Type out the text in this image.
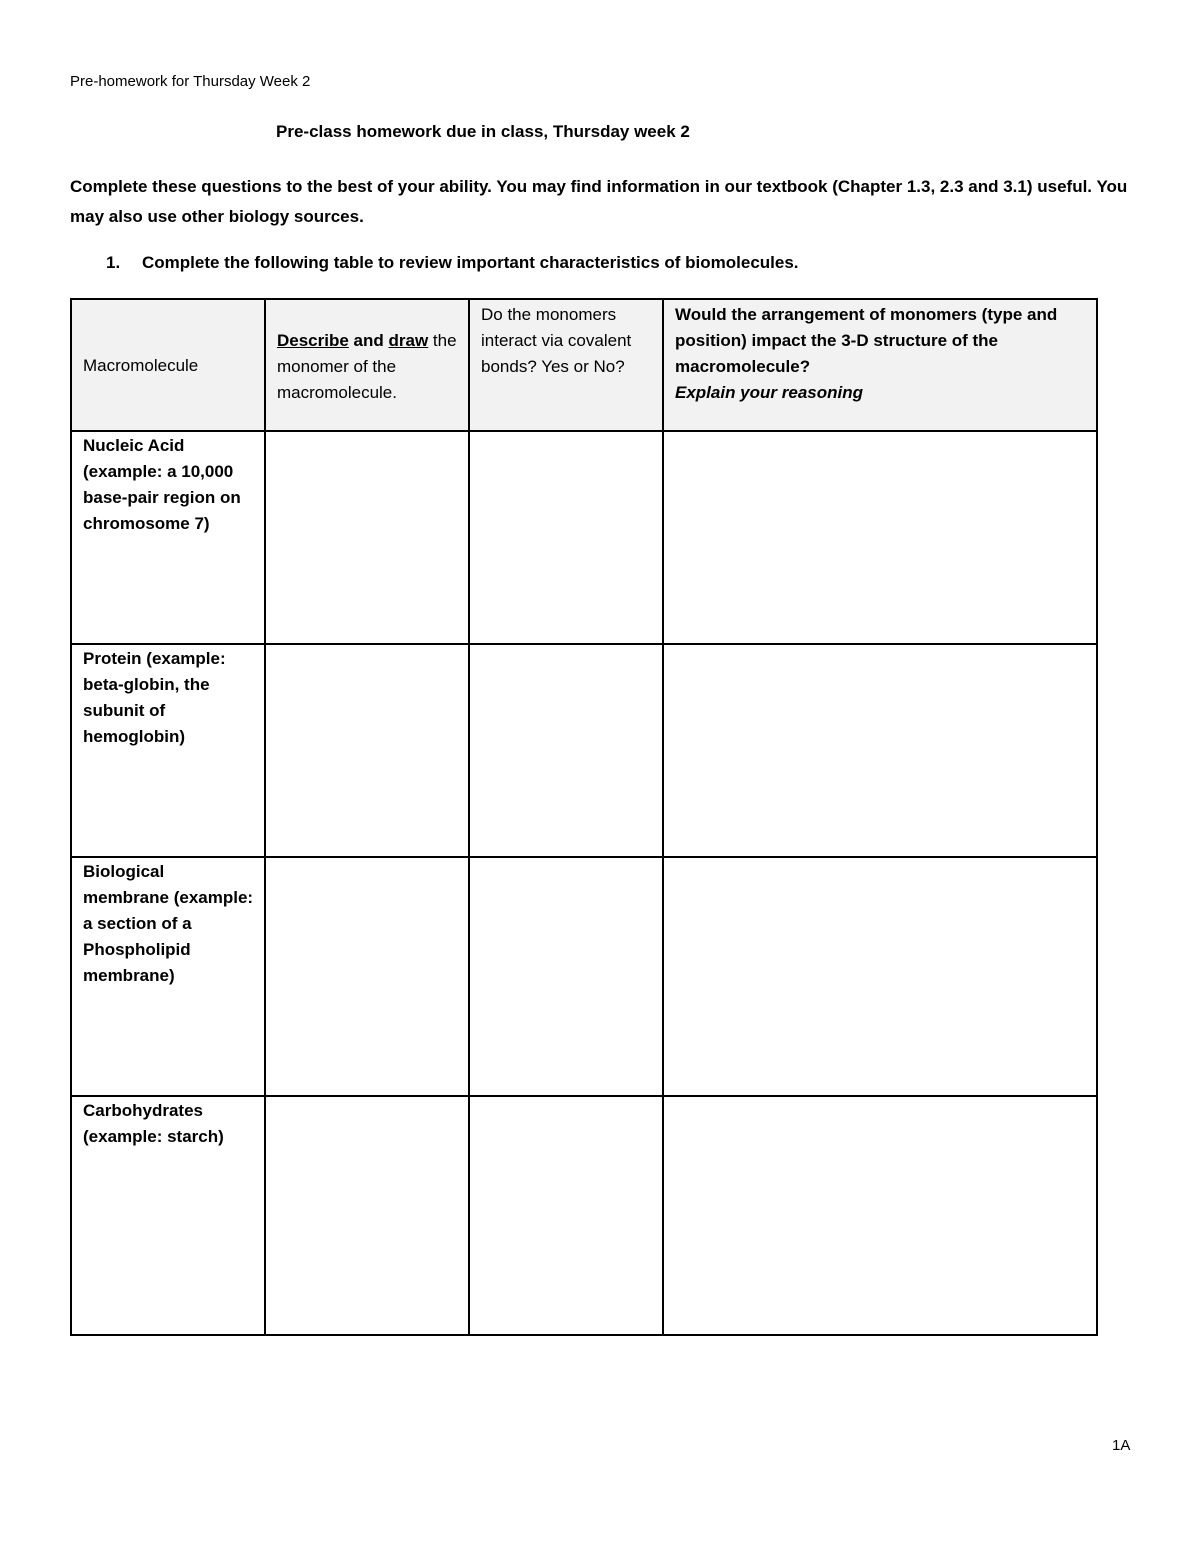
Pre-homework for Thursday Week 2
Pre-class homework due in class, Thursday week 2
Complete these questions to the best of your ability. You may find information in our textbook (Chapter 1.3, 2.3 and 3.1) useful. You may also use other biology sources.
1. Complete the following table to review important characteristics of biomolecules.
Macromolecule	Describe and draw the monomer of the macromolecule.	Do the monomers interact via covalent bonds? Yes or No?	Would the arrangement of monomers (type and position) impact the 3-D structure of the macromolecule?
Explain your reasoning

Nucleic Acid (example: a 10,000 base-pair region on chromosome 7)			
Protein (example: beta-globin, the subunit of hemoglobin)			
Biological membrane (example: a section of a Phospholipid membrane)			
Carbohydrates (example: starch)			
1A
